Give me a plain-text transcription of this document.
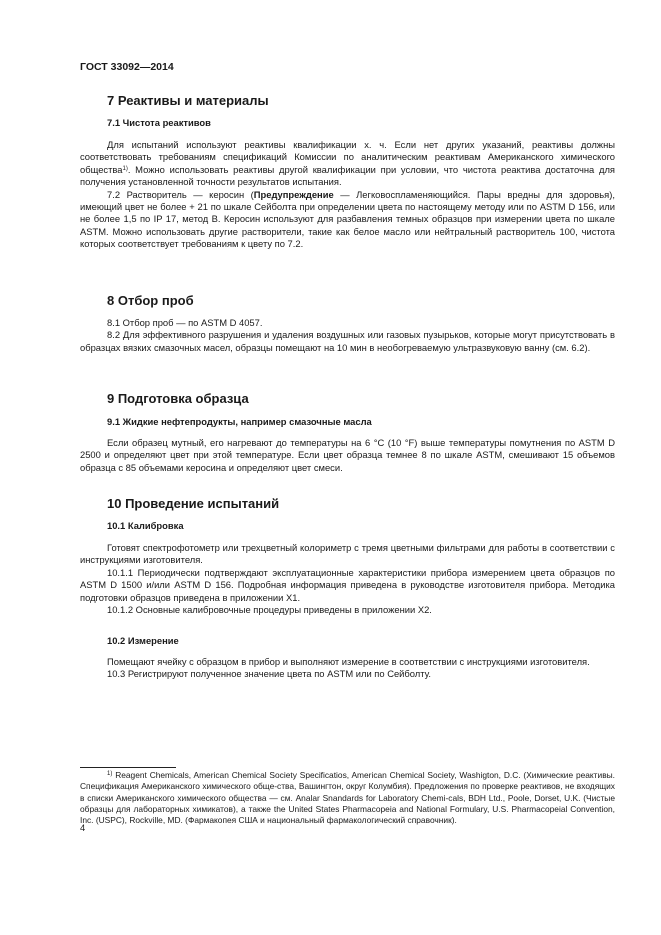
ГОСТ 33092—2014
7 Реактивы и материалы
7.1 Чистота реактивов

Для испытаний используют реактивы квалификации х. ч. Если нет других указаний, реактивы должны соответствовать требованиям спецификаций Комиссии по аналитическим реактивам Американского химического общества$^{1)}$. Можно использовать реактивы другой квалификации при условии, что чистота реактива достаточна для получения установленной точности результатов испытания.

7.2 Растворитель — керосин (Предупреждение — Легковоспламеняющийся. Пары вредны для здоровья), имеющий цвет не более + 21 по шкале Сейболта при определении цвета по настоящему методу или по ASTM D 156, или не более 1,5 по IP 17, метод В. Керосин используют для разбавления темных образцов при измерении цвета по шкале ASTM. Можно использовать другие растворители, такие как белое масло или нейтральный растворитель 100, чистота которых соответствует требованиям к цвету по 7.2.

8 Отбор проб

8.1 Отбор проб — по ASTM D 4057.

8.2 Для эффективного разрушения и удаления воздушных или газовых пузырьков, которые могут присутствовать в образцах вязких смазочных масел, образцы помещают на 10 мин в необогреваемую ультразвуковую ванну (см. 6.2).

9 Подготовка образца
9.1 Жидкие нефтепродукты, например смазочные масла

Если образец мутный, его нагревают до температуры на 6 °С (10 °F) выше температуры помутнения по ASTM D 2500 и определяют цвет при этой температуре. Если цвет образца темнее 8 по шкале ASTM, смешивают 15 объемов образца с 85 объемами керосина и определяют цвет смеси.

10 Проведение испытаний
10.1 Калибровка

Готовят спектрофотометр или трехцветный колориметр с тремя цветными фильтрами для работы в соответствии с инструкциями изготовителя.

10.1.1 Периодически подтверждают эксплуатационные характеристики прибора измерением цвета образцов по ASTM D 1500 и/или ASTM D 156. Подробная информация приведена в руководстве изготовителя прибора. Методика подготовки образцов приведена в приложении X1.

10.1.2 Основные калибровочные процедуры приведены в приложении X2.

10.2 Измерение

Помещают ячейку с образцом в прибор и выполняют измерение в соответствии с инструкциями изготовителя.

10.3 Регистрируют полученное значение цвета по ASTM или по Сейболту.

$^{1)}$ Reagent Chemicals, American Chemical Society Specificatios, American Chemical Society, Washigton, D.C. (Химические реактивы. Спецификация Американского химического обще-ства, Вашингтон, округ Колумбия). Предложения по проверке реактивов, не входящих в списки Американского химического общества — см. Analar Snandards for Laboratory Chemi-cals, BDH Ltd., Poole, Dorset, U.K. (Чистые образцы для лабораторных химикатов), а также the United States Pharmacopeia and National Formulary, U.S. Pharmacopeial Convention, Inc. (USPC), Rockville, MD. (Фармакопея США и национальный фармакологический справочник).
4
